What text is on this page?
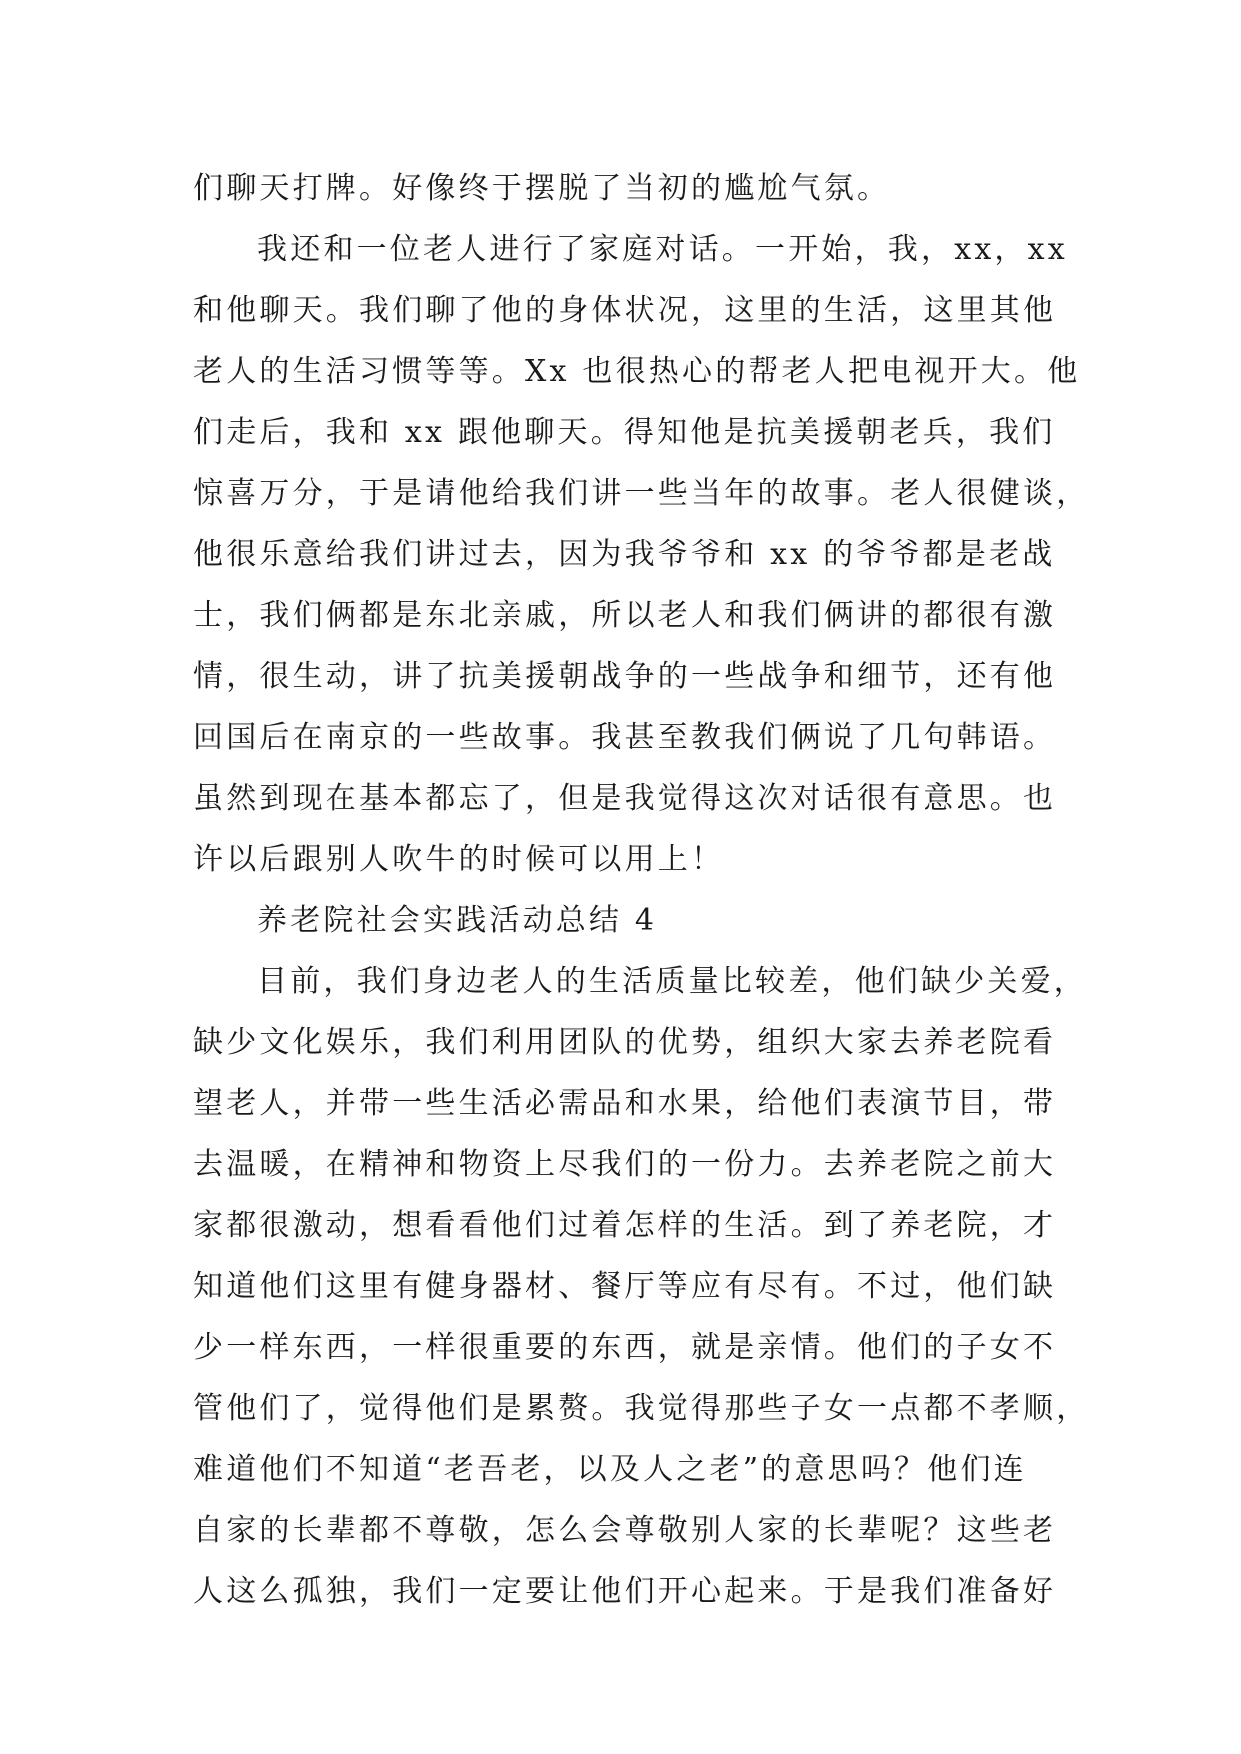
们聊天打牌。好像终于摆脱了当初的尴尬气氛。
我还和一位老人进行了家庭对话。一开始，我，xx，xx
和他聊天。我们聊了他的身体状况，这里的生活，这里其他
老人的生活习惯等等。Xx 也很热心的帮老人把电视开大。他
们走后，我和 xx 跟他聊天。得知他是抗美援朝老兵，我们
惊喜万分，于是请他给我们讲一些当年的故事。老人很健谈，
他很乐意给我们讲过去，因为我爷爷和 xx 的爷爷都是老战
士，我们俩都是东北亲戚，所以老人和我们俩讲的都很有激
情，很生动，讲了抗美援朝战争的一些战争和细节，还有他
回国后在南京的一些故事。我甚至教我们俩说了几句韩语。
虽然到现在基本都忘了，但是我觉得这次对话很有意思。也
许以后跟别人吹牛的时候可以用上！
养老院社会实践活动总结 4
目前，我们身边老人的生活质量比较差，他们缺少关爱，
缺少文化娱乐，我们利用团队的优势，组织大家去养老院看
望老人，并带一些生活必需品和水果，给他们表演节目，带
去温暖，在精神和物资上尽我们的一份力。去养老院之前大
家都很激动，想看看他们过着怎样的生活。到了养老院，才
知道他们这里有健身器材、餐厅等应有尽有。不过，他们缺
少一样东西，一样很重要的东西，就是亲情。他们的子女不
管他们了，觉得他们是累赘。我觉得那些子女一点都不孝顺，
难道他们不知道“老吾老，以及人之老”的意思吗？他们连
自家的长辈都不尊敬，怎么会尊敬别人家的长辈呢？这些老
人这么孤独，我们一定要让他们开心起来。于是我们准备好
